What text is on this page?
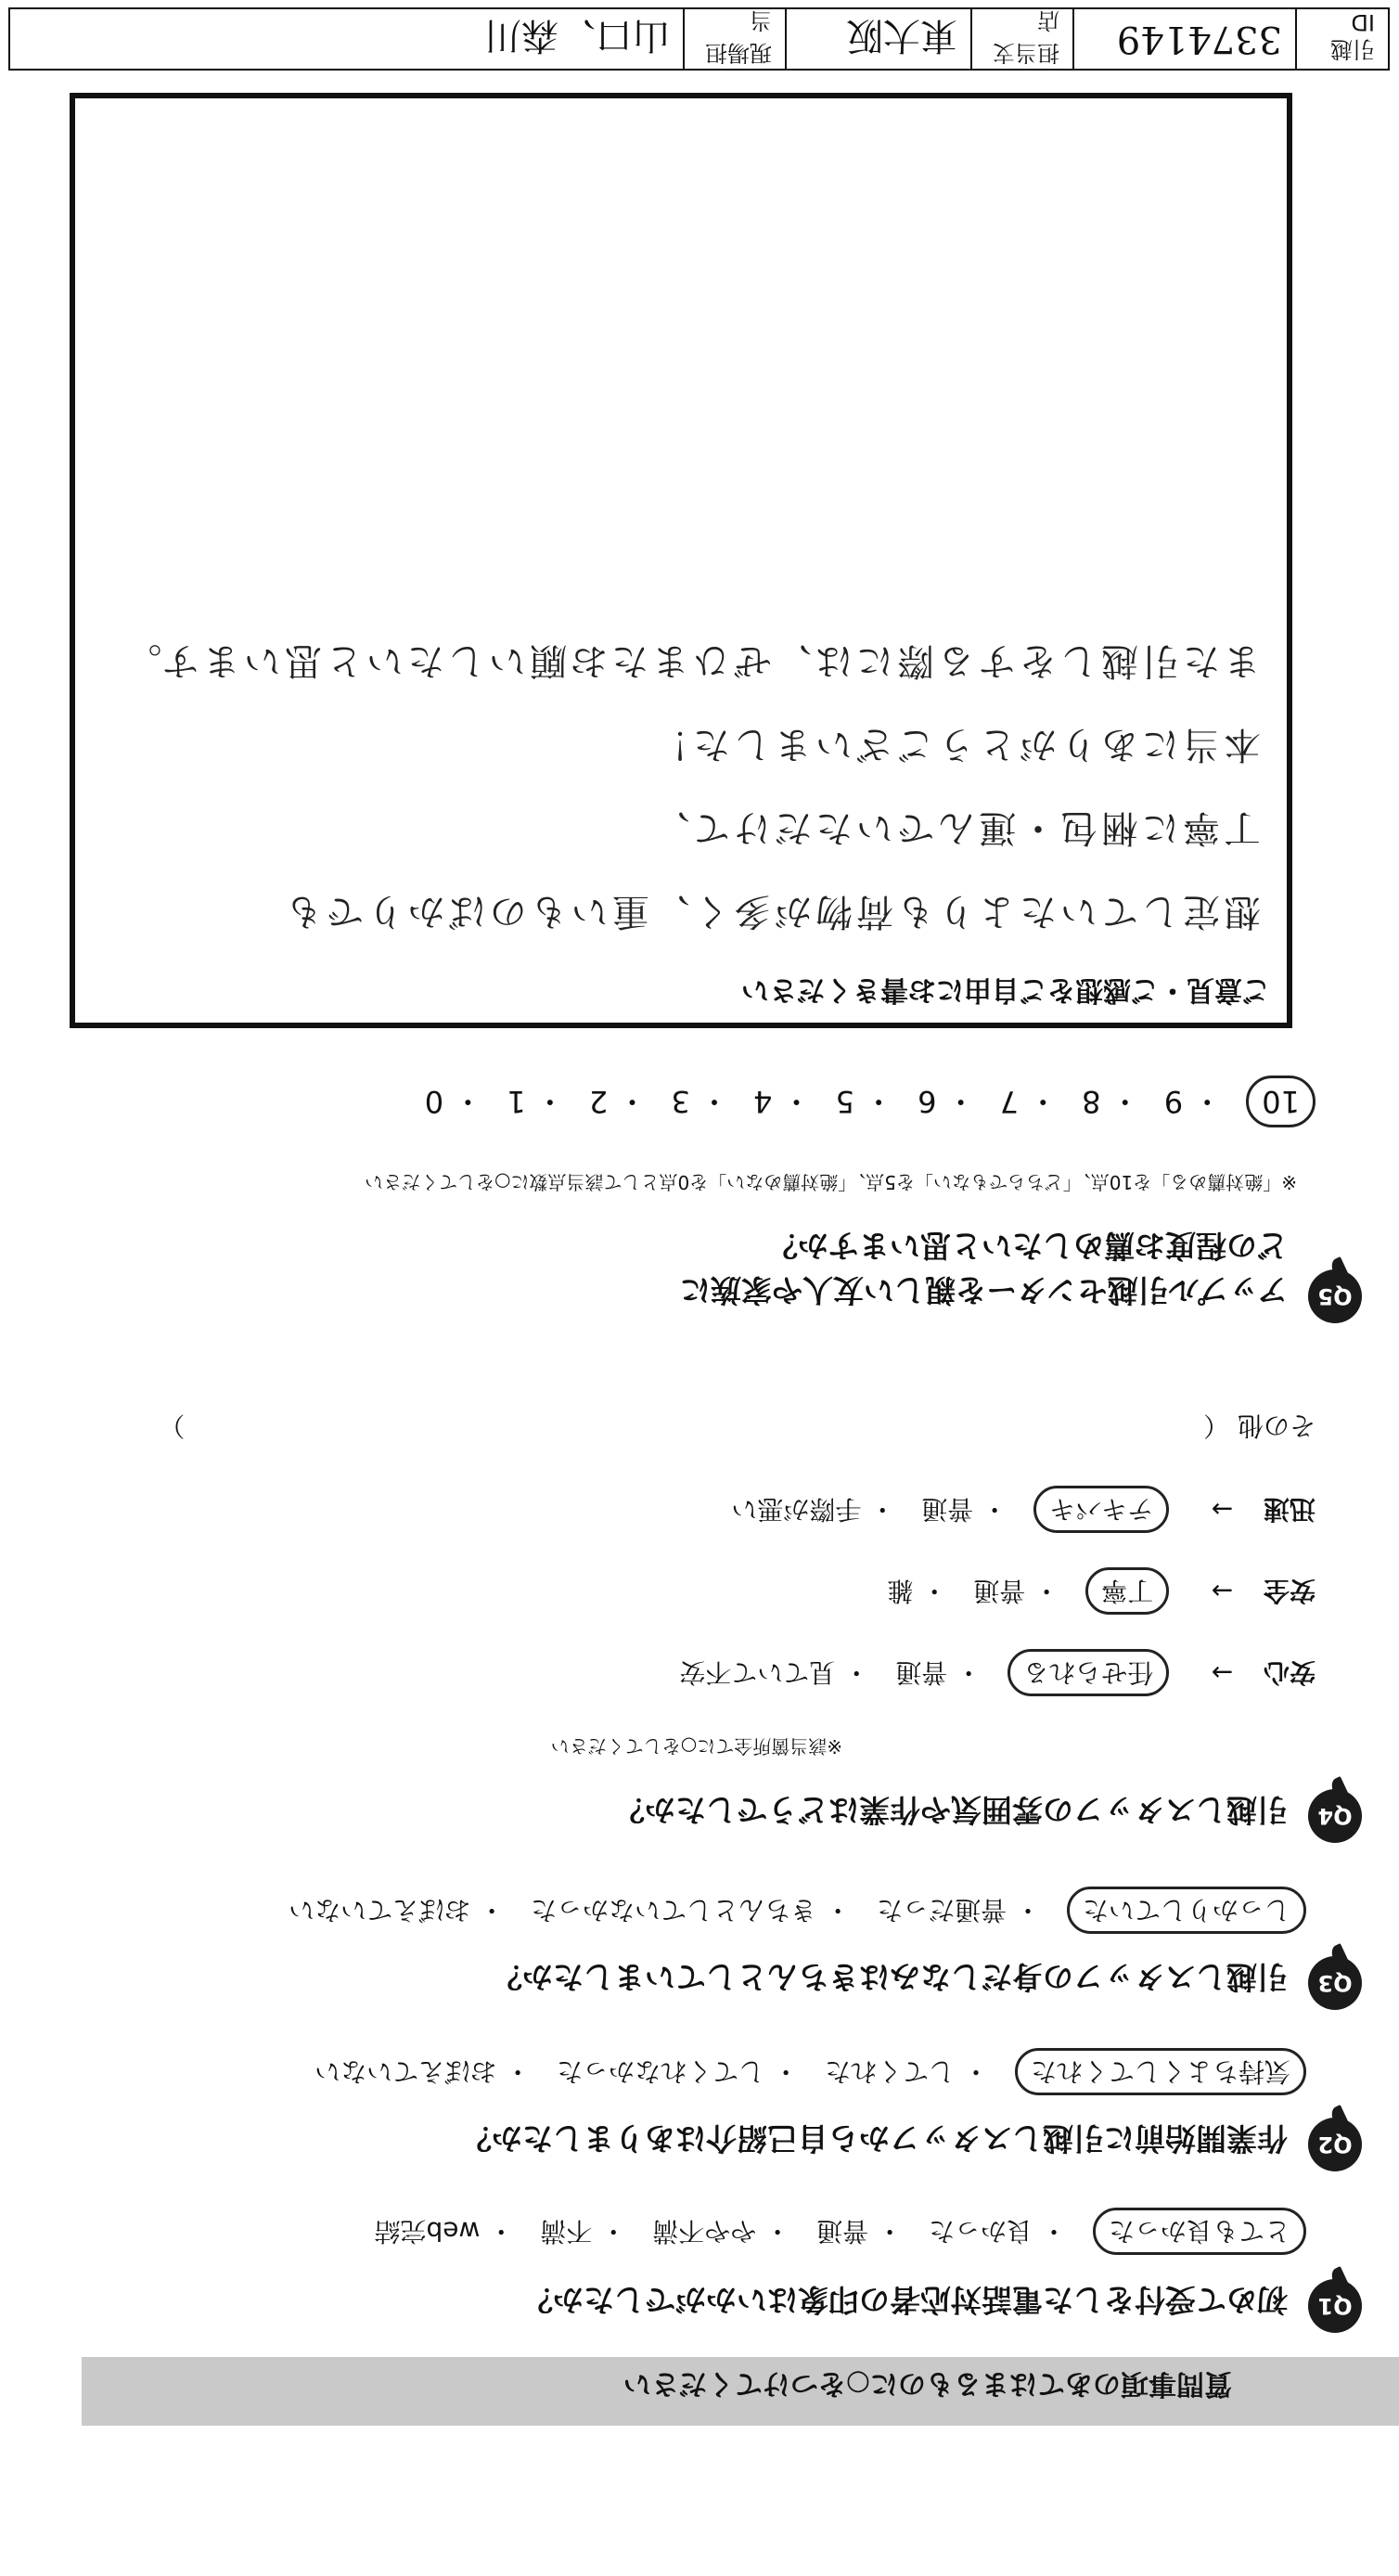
質問事項のあてはまるものに○をつけてください
Q1
初めて受付をした電話対応者の印象はいかがでしたか？
とても良かった・ 良かった・ 普通・ やや不満・ 不満・ web完結
Q2
作業開始前に引越しスタッフから自己紹介はありましたか？
気持ちよくしてくれた・ してくれた・ してくれなかった・ おぼえていない
Q3
引越しスタッフの身だしなみはきちんとしていましたか？
しっかりしていた・ 普通だった・ きちんとしていなかった・ おぼえていない
Q4
引越しスタッフの雰囲気や作業はどうでしたか？
※該当箇所全てに○をしてください
安心 → 任せられる・ 普通・ 見ていて不安
安全 → 丁寧・ 普通・ 雑
迅速 → テキパキ・ 普通・ 手際が悪い
その他 （  ）
Q5
アップル引越センターを親しい友人や家族に
どの程度お薦めしたいと思いますか？
※「絶対薦める」を10点、「どちらでもない」を5点、「絶対薦めない」を0点として該当点数に○をしてください
10・ 9・ 8・ 7・ 6・ 5・ 4・ 3・ 2・ 1・ 0
ご意見・ご感想をご自由にお書きください
想定していたよりも荷物が多く、重いものばかりでも
丁寧に梱包・運んでいただけて、
本当にありがとうございました！
また引越しをする際には、ぜひまたお願いしたいと思います。
引越ID
3374149
担当支店
東大阪
現場担当
山口、森川
